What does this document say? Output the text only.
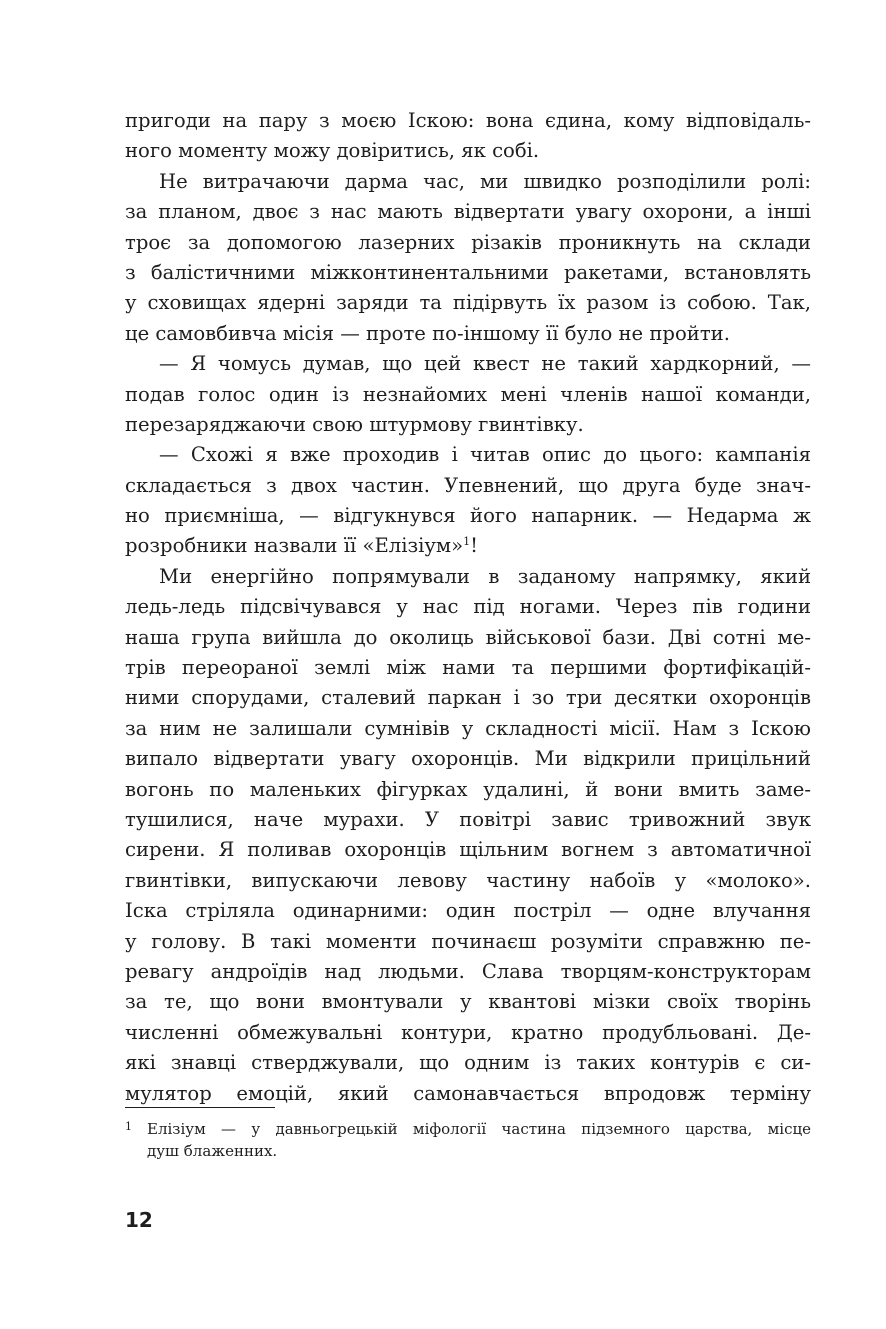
пригоди на пару з моєю Іскою: вона єдина, кому відповідаль-
ного моменту можу довіритись, як собі.
Не витрачаючи дарма час, ми швидко розподілили ролі:
за планом, двоє з нас мають відвертати увагу охорони, а інші
троє за допомогою лазерних різаків проникнуть на склади
з балістичними міжконтинентальними ракетами, встановлять
у сховищах ядерні заряди та підірвуть їх разом із собою. Так,
це самовбивча місія — проте по-іншому її було не пройти.
— Я чомусь думав, що цей квест не такий хардкорний, —
подав голос один із незнайомих мені членів нашої команди,
перезаряджаючи свою штурмову гвинтівку.
— Схожі я вже проходив і читав опис до цього: кампанія
складається з двох частин. Упевнений, що друга буде знач-
но приємніша, — відгукнувся його напарник. — Недарма ж
розробники назвали її «Елізіум»$^1$!
Ми енергійно попрямували в заданому напрямку, який
ледь-ледь підсвічувався у нас під ногами. Через пів години
наша група вийшла до околиць військової бази. Дві сотні ме-
трів переораної землі між нами та першими фортифікацій-
ними спорудами, сталевий паркан і зо три десятки охоронців
за ним не залишали сумнівів у складності місії. Нам з Іскою
випало відвертати увагу охоронців. Ми відкрили прицільний
вогонь по маленьких фігурках удалині, й вони вмить заме-
тушилися, наче мурахи. У повітрі завис тривожний звук
сирени. Я поливав охоронців щільним вогнем з автоматичної
гвинтівки, випускаючи левову частину набоїв у «молоко».
Іска стріляла одинарними: один постріл — одне влучання
у голову. В такі моменти починаєш розуміти справжню пе-
ревагу андроїдів над людьми. Слава творцям-конструкторам
за те, що вони вмонтували у квантові мізки своїх творінь
численні обмежувальні контури, кратно продубльовані. Де-
які знавці стверджували, що одним із таких контурів є си-
мулятор емоцій, який самонавчається впродовж терміну
1 Елізіум — у давньогрецькій міфології частина підземного царства, місце
душ блаженних.
12
